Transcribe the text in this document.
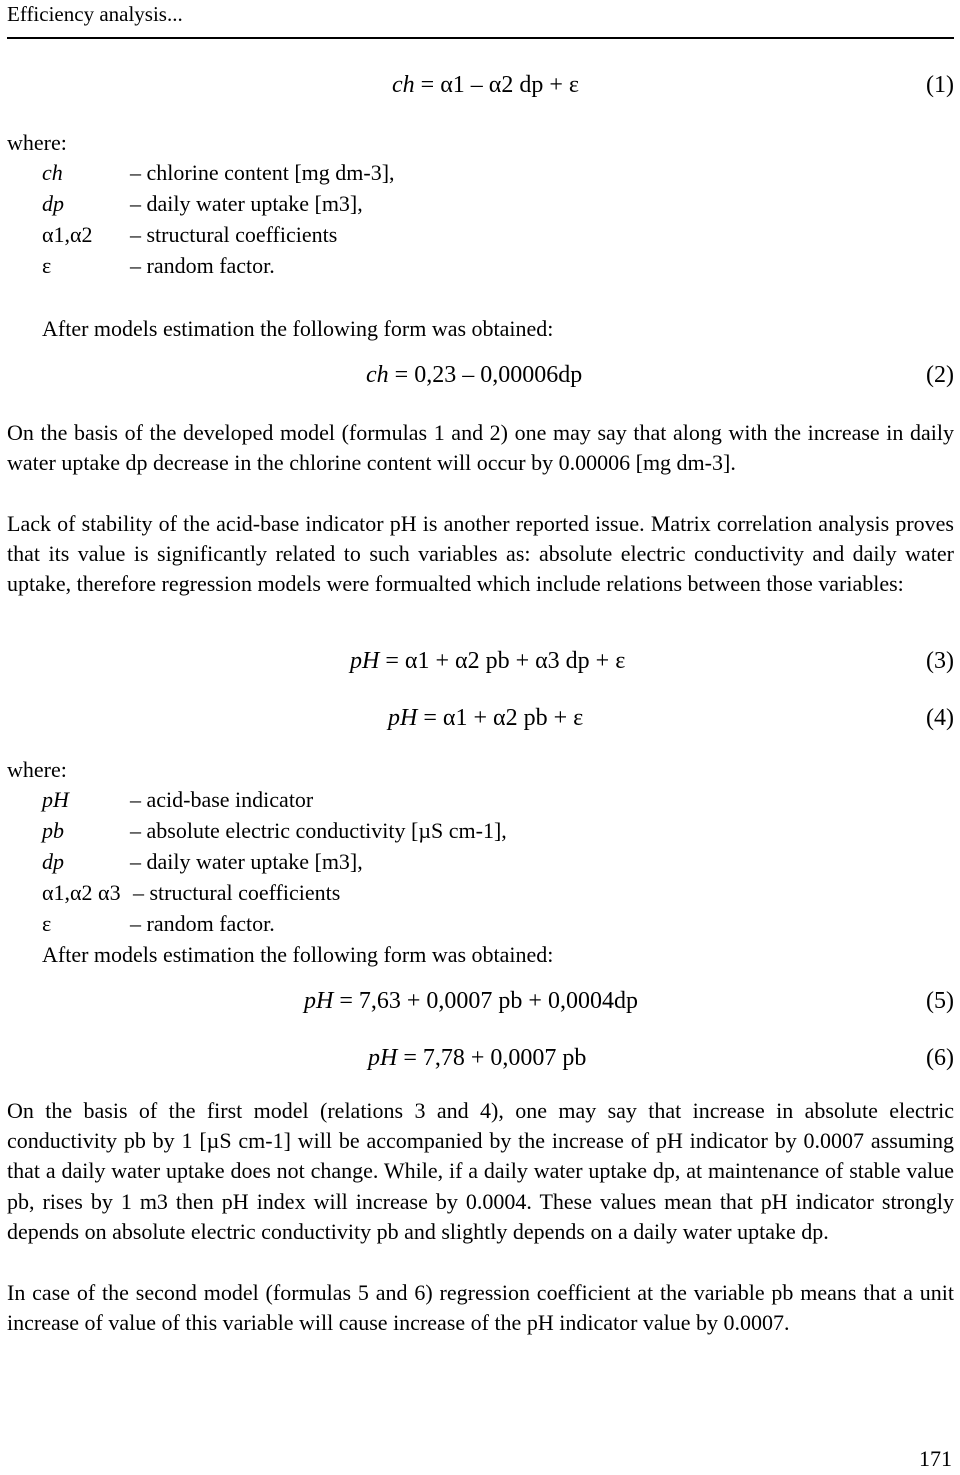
Efficiency analysis...
ch = α1 – α2 dp + ε	(1)
where:
ch	– chlorine content [mg dm-3],
dp	– daily water uptake [m3],
α1,α2 – structural coefficients
ε	– random factor.
After models estimation the following form was obtained:
ch = 0,23 – 0,00006dp	(2)
On the basis of the developed model (formulas 1 and 2) one may say that along with the increase in daily water uptake dp decrease in the chlorine content will occur by 0.00006 [mg dm-3].
Lack of stability of the acid-base indicator pH is another reported issue. Matrix correlation analysis proves that its value is significantly related to such variables as: absolute electric conductivity and daily water uptake, therefore regression models were formualted which include relations between those variables:
pH = α1 + α2 pb + α3 dp + ε	(3)
pH = α1 + α2 pb + ε	(4)
where:
pH	– acid-base indicator
pb	– absolute electric conductivity [µS cm-1],
dp	– daily water uptake [m3],
α1,α2 α3 – structural coefficients
ε	– random factor.
After models estimation the following form was obtained:
pH = 7,63 + 0,0007 pb + 0,0004dp	(5)
pH = 7,78 + 0,0007 pb	(6)
On the basis of the first model (relations 3 and 4), one may say that increase in absolute electric conductivity pb by 1 [µS cm-1] will be accompanied by the increase of pH indicator by 0.0007 assuming that a daily water uptake does not change. While, if a daily water uptake dp, at maintenance of stable value pb, rises by 1 m3 then pH index will increase by 0.0004. These values mean that pH indicator strongly depends on absolute electric conductivity pb and slightly depends on a daily water uptake dp.
In case of the second model (formulas 5 and 6) regression coefficient at the variable pb means that a unit increase of value of this variable will cause increase of the pH indicator value by 0.0007.
171
